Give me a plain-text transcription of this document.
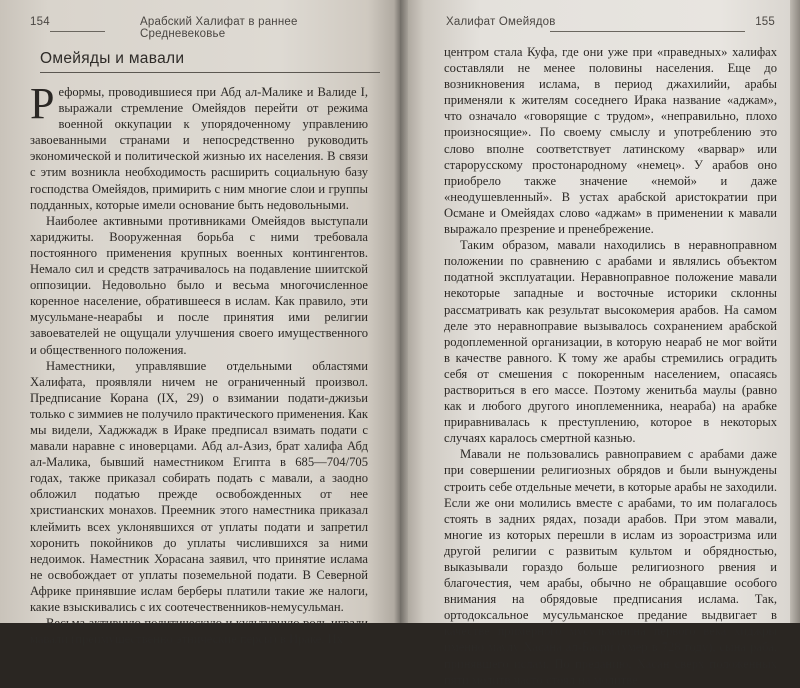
154	Арабский Халифат в раннее Средневековье
Омейяды и мавали

Реформы, проводившиеся при Абд ал-Малике и Валиде I, выражали стремление Омейядов перейти от режима военной оккупации к упорядоченному управлению завоеванными странами и непосредственно руководить экономической и политической жизнью их населения. В связи с этим возникла необходимость расширить социальную базу господства Омейядов, примирить с ним многие слои и группы подданных, которые имели основание быть недовольными.

Наиболее активными противниками Омейядов выступали хариджиты. Вооруженная борьба с ними требовала постоянного применения крупных военных контингентов. Немало сил и средств затрачивалось на подавление шиитской оппозиции. Недовольно было и весьма многочисленное коренное население, обратившееся в ислам. Как правило, эти мусульмане-неарабы и после принятия ими религии завоевателей не ощущали улучшения своего имущественного и общественного положения.

Наместники, управлявшие отдельными областями Халифата, проявляли ничем не ограниченный произвол. Предписание Корана (IX, 29) о взимании подати-джизьи только с зиммиев не получило практического применения. Как мы видели, Хаджжадж в Ираке предписал взимать подати с мавали наравне с иноверцами. Абд ал-Азиз, брат халифа Абд ал-Малика, бывший наместником Египта в 685—704/705 годах, также приказал собирать подать с мавали, а заодно обложил податью прежде освобожденных от нее христианских монахов. Преемник этого наместника приказал клеймить всех уклонявшихся от уплаты подати и запретил хоронить покойников до уплаты числившихся за ними недоимок. Наместник Хорасана заявил, что принятие ислама не освобождает от уплаты поземельной подати. В Северной Африке принявшие ислам берберы платили такие же налоги, какие взыскивались с их соотечественников-немусульман.

Весьма активную политическую и культурную роль играли мавали (преимущественно этнические персы) в Ираке. Их

Халифат Омейядов	155

центром стала Куфа, где они уже при «праведных» халифах составляли не менее половины населения. Еще до возникновения ислама, в период джахилийи, арабы применяли к жителям соседнего Ирака название «аджам», что означало «говорящие с трудом», «неправильно, плохо произносящие». По своему смыслу и употреблению это слово вполне соответствует латинскому «варвар» или старорусскому простонародному «немец». У арабов оно приобрело также значение «немой» и даже «неодушевленный». В устах арабской аристократии при Османе и Омейядах слово «аджам» в применении к мавали выражало презрение и пренебрежение.

Таким образом, мавали находились в неравноправном положении по сравнению с арабами и являлись объектом податной эксплуатации. Неравноправное положение мавали некоторые западные и восточные историки склонны рассматривать как результат высокомерия арабов. На самом деле это неравноправие вызывалось сохранением арабской родоплеменной организации, в которую неараб не мог войти в качестве равного. К тому же арабы стремились оградить себя от смешения с покоренным населением, опасаясь раствориться в его массе. Поэтому женитьба маулы (равно как и любого другого иноплеменника, неараба) на арабке приравнивалась к преступлению, которое в некоторых случаях каралось смертной казнью.

Мавали не пользовались равноправием с арабами даже при совершении религиозных обрядов и были вынуждены строить себе отдельные мечети, в которые арабы не заходили. Если же они молились вместе с арабами, то им полагалось стоять в задних рядах, позади арабов. При этом мавали, многие из которых перешли в ислам из зороастризма или другой религии с развитым культом и обрядностью, выказывали гораздо больше религиозного рвения и благочестия, чем арабы, обычно не обращавшие особого внимания на обрядовые предписания ислама. Так, ортодоксальное мусульманское предание выдвигает в качестве примерного мусульманина первого века хиджры именно маулу Хасана ал-Басри (умер в 728 году), сына раба, принявшего ислам. По преданию, Хасан сверх положенных пяти молитв часто стоял на молитве
